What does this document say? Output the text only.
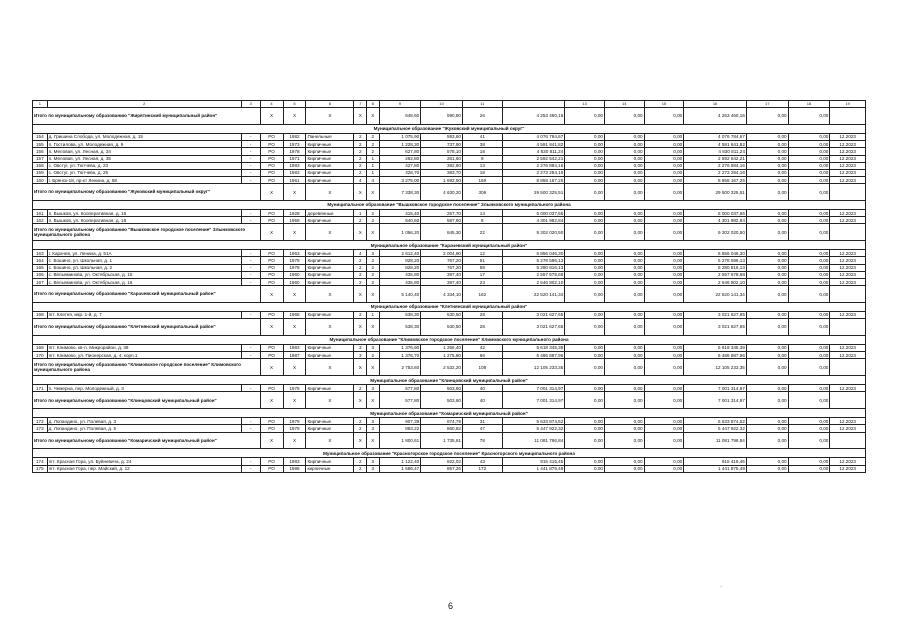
1	2	3	4	5	6	7	8	9	10	11		13	14	15	16	17	18	19
Итого по муниципальному образованию "Жирятинский муниципальный район"			X	X	X	X	X	648,60	590,80	26	4 253 460,16	0,00	0,00	0,00	4 253 460,16	0,00	0,00	
Муниципальное образование "Жуковский муниципальный округ"																		
154	д. Гришина Слобода, ул. Молодежная, д. 15	-	РО	1982	Панельные	2	2	1 075,90	593,60	41	4 076 784,67	0,00	0,00	0,00	4 076 784,67	0,00	0,00	12.2023
155	п. Гостилова, ул. Молодежная, д. 9	-	РО	1973	Кирпичные	2	2	1 228,30	737,90	38	4 591 841,82	0,00	0,00	0,00	4 591 841,82	0,00	0,00	12.2023
156	п. Меловая, ул. Лесная, д. 34	-	РО	1978	Кирпичные	2	2	627,80	578,10	18	4 830 811,24	0,00	0,00	0,00	4 830 811,24	0,00	0,00	12.2023
157	п. Меловая, ул. Лесная, д. 35	-	РО	1971	Кирпичные	2	1	262,80	261,60	9	2 592 542,21	0,00	0,00	0,00	2 592 542,21	0,00	0,00	12.2023
158	с. Овстуг, ул. Тютчева, д. 23	-	РО	1983	Кирпичные	2	1	427,80	382,80	13	2 276 884,16	0,00	0,00	0,00	2 276 884,16	0,00	0,00	12.2023
159	с. Овстуг, ул. Тютчева, д. 25	-	РО	1983	Кирпичные	2	1	428,70	383,70	18	2 273 294,16	0,00	0,00	0,00	2 273 294,16	0,00	0,00	12.2023
160	г. Брянск-18, пр-кт Ленина, д. 58	-	РО	1961	Кирпичные	4	4	3 275,00	1 692,50	169	8 858 167,25	0,00	0,00	0,00	8 858 167,25	0,00	0,00	12.2023
Итого по муниципальному образованию "Жуковский муниципальный округ"			X	X	X	X	X	7 338,30	4 630,20	306	29 500 325,51	0,00	0,00	0,00	29 500 325,51	0,00	0,00	
Муниципальное образование "Вышковское городское поселение" Злынковского муниципального района																		
161	п. Вышков, ул. Кооперативная, д. 16	-	РО	1928	деревянные	1	2	415,40	257,70	14	5 000 037,66	0,00	0,00	0,00	5 000 037,66	0,00	0,00	12.2023
162	п. Вышков, ул. Кооперативная, д. 18	-	РО	1959	Кирпичные	2	2	640,60	587,60	8	4 301 982,84	0,00	0,00	0,00	4 301 982,84	0,00	0,00	12.2023
Итого по муниципальному образованию "Вышковское городское поселение" Злынковского муниципального района			X	X	X	X	X	1 056,20	845,30	22	9 302 020,50	0,00	0,00	0,00	9 302 020,50	0,00	0,00	
Муниципальное образование "Карачевский муниципальный район"																		
163	г. Карачев, ул. Ленина, д. 51А	-	РО	1963	Кирпичные	4	3	2 612,40	2 004,90	12	6 856 046,30	0,00	0,00	0,00	6 856 046,30	0,00	0,00	12.2023
164	с. Бошино, ул. Школьная, д. 1	-	РО	1978	Кирпичные	2	2	828,20	767,20	51	5 278 596,13	0,00	0,00	0,00	5 278 596,13	0,00	0,00	12.2023
165	с. Бошино, ул. Школьная, д. 2	-	РО	1978	Кирпичные	2	2	828,20	767,20	59	5 280 816,13	0,00	0,00	0,00	5 280 816,13	0,00	0,00	12.2023
166	с. Вельяминова, ул. Октябрьская, д. 15	-	РО	1960	Кирпичные	2	2	435,80	397,40	17	2 557 678,68	0,00	0,00	0,00	2 557 678,68	0,00	0,00	12.2023
167	с. Вельяминова, ул. Октябрьская, д. 16	-	РО	1960	Кирпичные	2	2	435,80	397,40	23	2 546 802,10	0,00	0,00	0,00	2 546 802,10	0,00	0,00	12.2023
Итого по муниципальному образованию "Карачевский муниципальный район"			X	X	X	X	X	5 140,40	4 334,10	162	22 520 141,34	0,00	0,00	0,00	22 520 141,34	0,00	0,00	
Муниципальное образование "Клетнянский муниципальный район"																		
168	пгт. Клетня, мкр. 1-й, д. 7	-	РО	1968	Кирпичные	2	1	538,30	530,50	28	3 021 627,65	0,00	0,00	0,00	3 021 627,65	0,00	0,00	12.2023
Итого по муниципальному образованию "Клетнянский муниципальный район"			X	X	X	X	X	538,30	530,50	28	3 021 627,65	0,00	0,00	0,00	3 021 627,65	0,00	0,00	
Муниципальное образование "Климовское городское поселение" Климовского муниципального района																		
169	пгт. Климово, кв-л. Микрорайон, д. 39	-	РО	1983	Кирпичные	3	3	1 376,90	1 256,40	42	5 618 345,39	0,00	0,00	0,00	5 618 345,39	0,00	0,00	12.2023
170	пгт. Климово, ул. Пионерская, д. 4, корп.1	-	РО	1987	Кирпичные	3	2	1 376,70	1 275,80	66	6 486 887,96	0,00	0,00	0,00	6 486 887,96	0,00	0,00	12.2023
Итого по муниципальному образованию "Климовское городское поселение" Климовского муниципального района			X	X	X	X	X	2 753,60	2 532,20	108	12 105 233,35	0,00	0,00	0,00	12 105 233,35	0,00	0,00	
Муниципальное образование "Клинцовский муниципальный район"																		
171	п. Чемерна, пер. Молодежный, д. 3	-	РО	1978	Кирпичные	2	3	577,80	503,60	40	7 001 314,97	0,00	0,00	0,00	7 001 314,97	0,00	0,00	12.2023
Итого по муниципальному образованию "Клинцовский муниципальный район"			X	X	X	X	X	577,80	503,60	40	7 001 314,97	0,00	0,00	0,00	7 001 314,97	0,00	0,00	
Муниципальное образование "Комаричский муниципальный район"																		
172	д. Лопандино, ул. Полевая, д. 3	-	РО	1979	Кирпичные	2	3	907,39	874,79	31	5 633 874,52	0,00	0,00	0,00	5 633 874,52	0,00	0,00	12.2023
173	д. Лопандино, ул. Полевая, д. 5	-	РО	1979	Кирпичные	2	3	893,22	860,82	47	5 447 922,32	0,00	0,00	0,00	5 447 922,32	0,00	0,00	12.2023
Итого по муниципальному образованию "Комаричский муниципальный район"			X	X	X	X	X	1 800,61	1 735,61	78	11 081 796,84	0,00	0,00	0,00	11 081 796,84	0,00	0,00	
Муниципальное образование "Красногорское городское поселение" Красногорского муниципального района																		
174	пгт. Красная Гора, ул. Буйневича, д. 24	-	РО	1983	Кирпичные	2	3	1 122,40	822,02	43	915 416,45	0,00	0,00	0,00	915 416,45	0,00	0,00	12.2023
175	пгт. Красная Гора, пер. Майский, д. 12	-	РО	1986	кирпичные	2	3	1 586,47	857,26	172	1 441 875,49	0,00	0,00	0,00	1 441 875,49	0,00	0,00	12.2023
6
·
